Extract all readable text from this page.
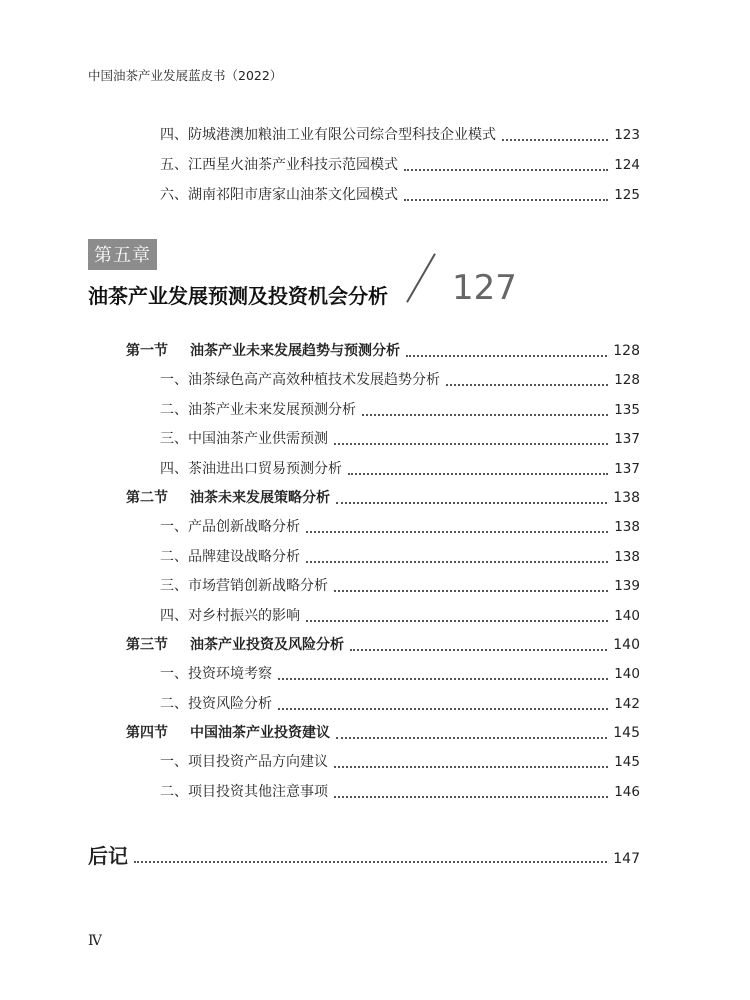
中国油茶产业发展蓝皮书（2022）
四、防城港澳加粮油工业有限公司综合型科技企业模式	123
五、江西星火油茶产业科技示范园模式	124
六、湖南祁阳市唐家山油茶文化园模式	125
第五章
油茶产业发展预测及投资机会分析 127
第一节 油茶产业未来发展趋势与预测分析	128
一、油茶绿色高产高效种植技术发展趋势分析	128
二、油茶产业未来发展预测分析	135
三、中国油茶产业供需预测	137
四、茶油进出口贸易预测分析	137
第二节 油茶未来发展策略分析	138
一、产品创新战略分析	138
二、品牌建设战略分析	138
三、市场营销创新战略分析	139
四、对乡村振兴的影响	140
第三节 油茶产业投资及风险分析	140
一、投资环境考察	140
二、投资风险分析	142
第四节 中国油茶产业投资建议	145
一、项目投资产品方向建议	145
二、项目投资其他注意事项	146
后记	147
Ⅳ
